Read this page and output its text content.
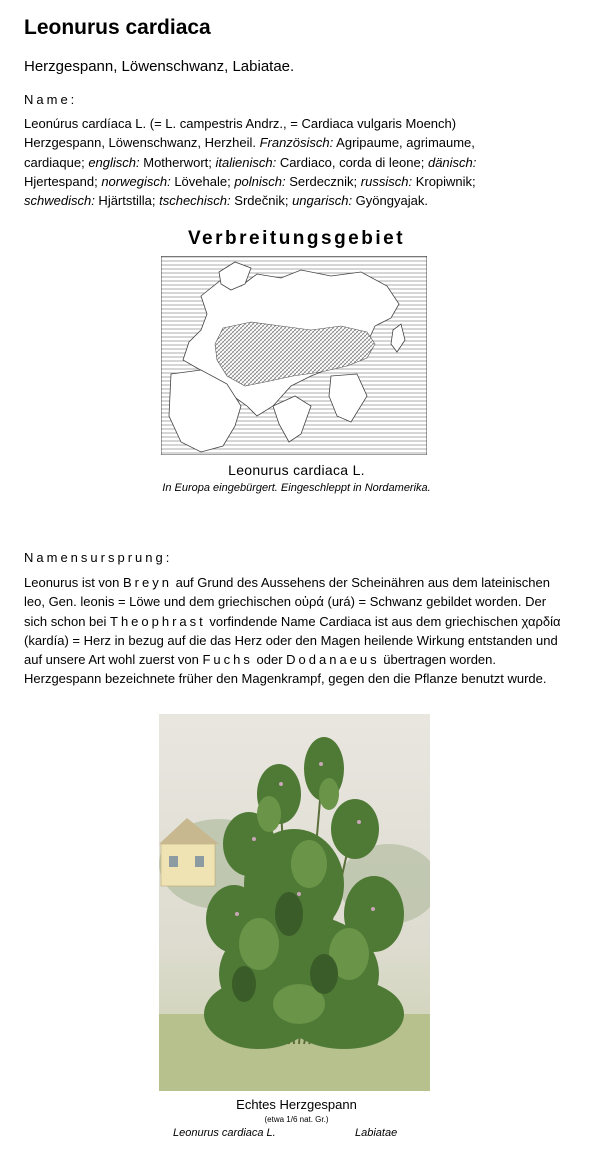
Leonurus cardiaca
Herzgespann, Löwenschwanz, Labiatae.
Name:
Leonúrus cardíaca L. (= L. campestris Andrz., = Cardiaca vulgaris Moench)
Herzgespann, Löwenschwanz, Herzheil. Französisch: Agripaume, agrimaume,
cardiaque; englisch: Motherwort; italienisch: Cardiaco, corda di leone; dänisch:
Hjertespand; norwegisch: Lövehale; polnisch: Serdecznik; russisch: Kropiwnik;
schwedisch: Hjärtstilla; tschechisch: Srdečnik; ungarisch: Gyöngyajak.
Verbreitungsgebiet
Leonurus cardiaca L.
In Europa eingebürgert. Eingeschleppt in Nordamerika.
Namensursprung:
Leonurus ist von Breyn auf Grund des Aussehens der Scheinähren aus dem lateinischen leo, Gen. leonis = Löwe und dem griechischen οὐρά (urá) = Schwanz gebildet worden. Der sich schon bei Theophrast vorfindende Name Cardiaca ist aus dem griechischen χαρδία (kardía) = Herz in bezug auf die das Herz oder den Magen heilende Wirkung entstanden und auf unsere Art wohl zuerst von Fuchs oder Dodanaeus übertragen worden. Herzgespann bezeichnete früher den Magenkrampf, gegen den die Pflanze benutzt wurde.
Echtes Herzgespann
(etwa 1/6 nat. Gr.)
Leonurus cardiaca L.	Labiatae
